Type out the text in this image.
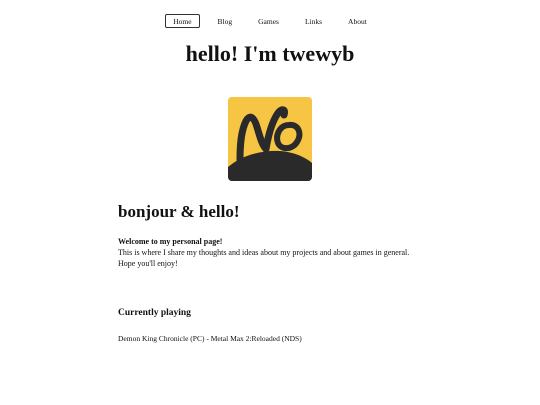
Home	Blog	Games	Links	About
hello! I'm twewyb
bonjour & hello!
Welcome to my personal page!
This is where I share my thoughts and ideas about my projects and about games in general. Hope you'll enjoy!
Currently playing
Demon King Chronicle (PC) - Metal Max 2:Reloaded (NDS)
